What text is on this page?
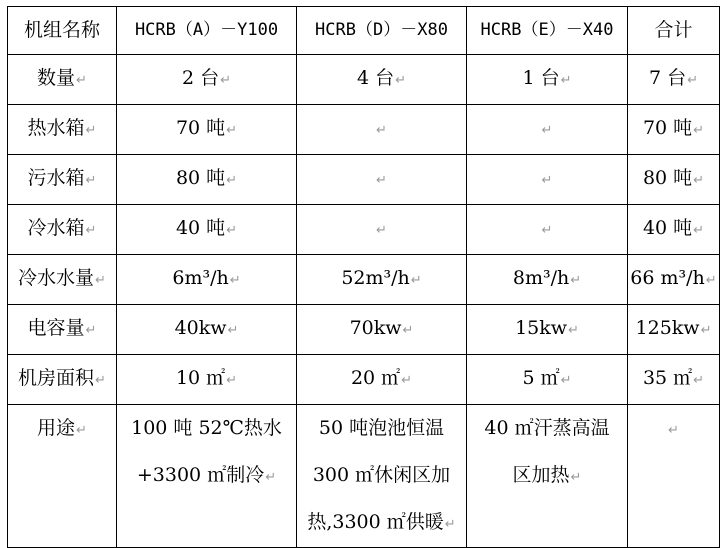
机组名称	HCRB（A）－Y100	HCRB（D）－X80	HCRB（E）－X40	合计
数量↵	2 台↵	4 台↵	1 台↵	7 台↵
热水箱↵	70 吨↵	↵	↵	70 吨↵
污水箱↵	80 吨↵	↵	↵	80 吨↵
冷水箱↵	40 吨↵	↵	↵	40 吨↵
冷水水量↵	6m³/h↵	52m³/h↵	8m³/h↵	66 m³/h↵
电容量↵	40kw↵	70kw↵	15kw↵	125kw↵
机房面积↵	10 ㎡↵	20 ㎡↵	5 ㎡↵	35 ㎡↵
用途↵	100 吨 52℃热水
+3300 ㎡制冷↵	50 吨泡池恒温
300 ㎡休闲区加
热,3300 ㎡供暖↵	40 ㎡汗蒸高温
区加热↵	↵
